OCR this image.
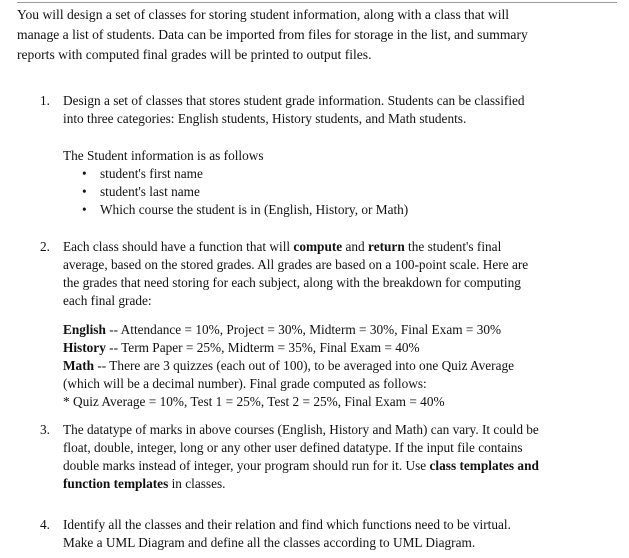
You will design a set of classes for storing student information, along with a class that will
manage a list of students. Data can be imported from files for storage in the list, and summary
reports with computed final grades will be printed to output files.
1. Design a set of classes that stores student grade information. Students can be classified
into three categories: English students, History students, and Math students.
The Student information is as follows
• student's first name
• student's last name
• Which course the student is in (English, History, or Math)
2. Each class should have a function that will compute and return the student's final
average, based on the stored grades. All grades are based on a 100-point scale. Here are
the grades that need storing for each subject, along with the breakdown for computing
each final grade:
English -- Attendance = 10%, Project = 30%, Midterm = 30%, Final Exam = 30%
History -- Term Paper = 25%, Midterm = 35%, Final Exam = 40%
Math -- There are 3 quizzes (each out of 100), to be averaged into one Quiz Average
(which will be a decimal number). Final grade computed as follows:
* Quiz Average = 10%, Test 1 = 25%, Test 2 = 25%, Final Exam = 40%
3. The datatype of marks in above courses (English, History and Math) can vary. It could be
float, double, integer, long or any other user defined datatype. If the input file contains
double marks instead of integer, your program should run for it. Use class templates and
function templates in classes.
4. Identify all the classes and their relation and find which functions need to be virtual.
Make a UML Diagram and define all the classes according to UML Diagram.
